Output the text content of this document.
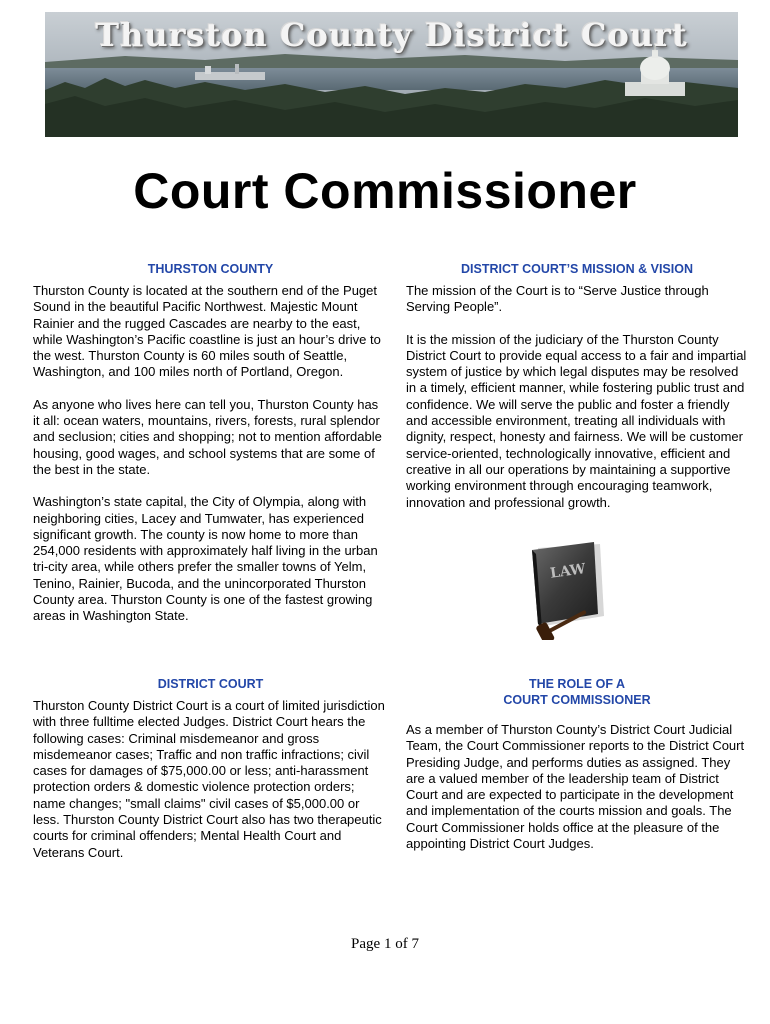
Thurston County District Court
Court Commissioner
THURSTON COUNTY

Thurston County is located at the southern end of the Puget Sound in the beautiful Pacific Northwest. Majestic Mount Rainier and the rugged Cascades are nearby to the east, while Washington’s Pacific coastline is just an hour’s drive to the west. Thurston County is 60 miles south of Seattle, Washington, and 100 miles north of Portland, Oregon.

As anyone who lives here can tell you, Thurston County has it all: ocean waters, mountains, rivers, forests, rural splendor and seclusion; cities and shopping; not to mention affordable housing, good wages, and school systems that are some of the best in the state.

Washington’s state capital, the City of Olympia, along with neighboring cities, Lacey and Tumwater, has experienced significant growth. The county is now home to more than 254,000 residents with approximately half living in the urban tri-city area, while others prefer the smaller towns of Yelm, Tenino, Rainier, Bucoda, and the unincorporated Thurston County area. Thurston County is one of the fastest growing areas in Washington State.

DISTRICT COURT

Thurston County District Court is a court of limited jurisdiction with three fulltime elected Judges. District Court hears the following cases: Criminal misdemeanor and gross misdemeanor cases; Traffic and non traffic infractions; civil cases for damages of $75,000.00 or less; anti-harassment protection orders & domestic violence protection orders; name changes; "small claims" civil cases of $5,000.00 or less. Thurston County District Court also has two therapeutic courts for criminal offenders; Mental Health Court and Veterans Court.

DISTRICT COURT’S MISSION & VISION

The mission of the Court is to “Serve Justice through Serving People”.

It is the mission of the judiciary of the Thurston County District Court to provide equal access to a fair and impartial system of justice by which legal disputes may be resolved in a timely, efficient manner, while fostering public trust and confidence. We will serve the public and foster a friendly and accessible environment, treating all individuals with dignity, respect, honesty and fairness. We will be customer service-oriented, technologically innovative, efficient and creative in all our operations by maintaining a supportive working environment through encouraging teamwork, innovation and professional growth.

LAW
THE ROLE OF A
COURT COMMISSIONER

As a member of Thurston County’s District Court Judicial Team, the Court Commissioner reports to the District Court Presiding Judge, and performs duties as assigned. They are a valued member of the leadership team of District Court and are expected to participate in the development and implementation of the courts mission and goals. The Court Commissioner holds office at the pleasure of the appointing District Court Judges.

Page 1 of 7
